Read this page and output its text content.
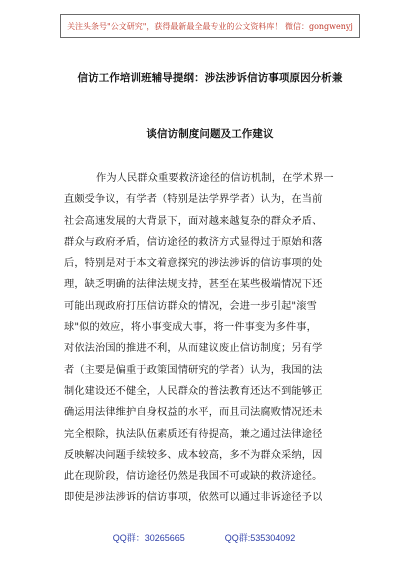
关注头条号"公文研究"，获得最新最全最专业的公文资料库！ 微信：gongwenyj
信访工作培训班辅导提纲：涉法涉诉信访事项原因分析兼
谈信访制度问题及工作建议
作为人民群众重要救济途径的信访机制，在学术界一
直颇受争议，有学者（特别是法学界学者）认为，在当前
社会高速发展的大背景下，面对越来越复杂的群众矛盾、
群众与政府矛盾，信访途径的救济方式显得过于原始和落
后，特别是对于本文着意探究的涉法涉诉的信访事项的处
理，缺乏明确的法律法规支持，甚至在某些极端情况下还
可能出现政府打压信访群众的情况，会进一步引起"滚雪
球"似的效应，将小事变成大事，将一件事变为多件事，
对依法治国的推进不利，从而建议废止信访制度；另有学
者（主要是偏重于政策国情研究的学者）认为，我国的法
制化建设还不健全，人民群众的普法教育还达不到能够正
确运用法律维护自身权益的水平，而且司法腐败情况还未
完全根除，执法队伍素质还有待提高，兼之通过法律途径
反映解决问题手续较多、成本较高，多不为群众采纳，因
此在现阶段，信访途径仍然是我国不可或缺的救济途径。
即使是涉法涉诉的信访事项，依然可以通过非诉途径予以
QQ群：30265665	QQ群:535304092
